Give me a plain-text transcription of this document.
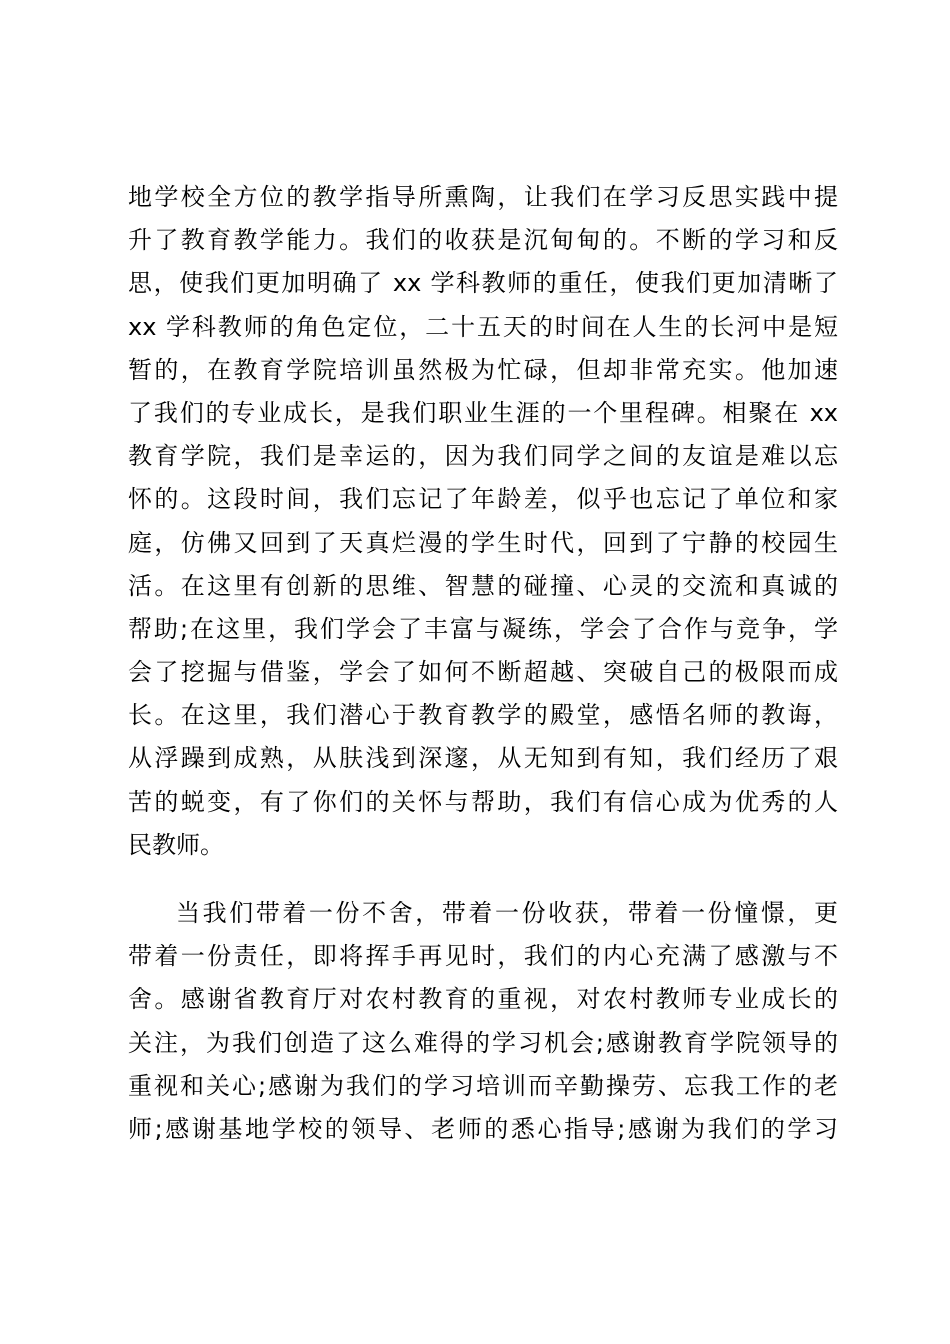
地学校全方位的教学指导所熏陶，让我们在学习反思实践中提
升了教育教学能力。我们的收获是沉甸甸的。不断的学习和反
思，使我们更加明确了 xx 学科教师的重任，使我们更加清晰了
xx 学科教师的角色定位，二十五天的时间在人生的长河中是短
暂的，在教育学院培训虽然极为忙碌，但却非常充实。他加速
了我们的专业成长，是我们职业生涯的一个里程碑。相聚在 xx
教育学院，我们是幸运的，因为我们同学之间的友谊是难以忘
怀的。这段时间，我们忘记了年龄差，似乎也忘记了单位和家
庭，仿佛又回到了天真烂漫的学生时代，回到了宁静的校园生
活。在这里有创新的思维、智慧的碰撞、心灵的交流和真诚的
帮助;在这里，我们学会了丰富与凝练，学会了合作与竞争，学
会了挖掘与借鉴，学会了如何不断超越、突破自己的极限而成
长。在这里，我们潜心于教育教学的殿堂，感悟名师的教诲，
从浮躁到成熟，从肤浅到深邃，从无知到有知，我们经历了艰
苦的蜕变，有了你们的关怀与帮助，我们有信心成为优秀的人
民教师。
当我们带着一份不舍，带着一份收获，带着一份憧憬，更
带着一份责任，即将挥手再见时，我们的内心充满了感激与不
舍。感谢省教育厅对农村教育的重视，对农村教师专业成长的
关注，为我们创造了这么难得的学习机会;感谢教育学院领导的
重视和关心;感谢为我们的学习培训而辛勤操劳、忘我工作的老
师;感谢基地学校的领导、老师的悉心指导;感谢为我们的学习
